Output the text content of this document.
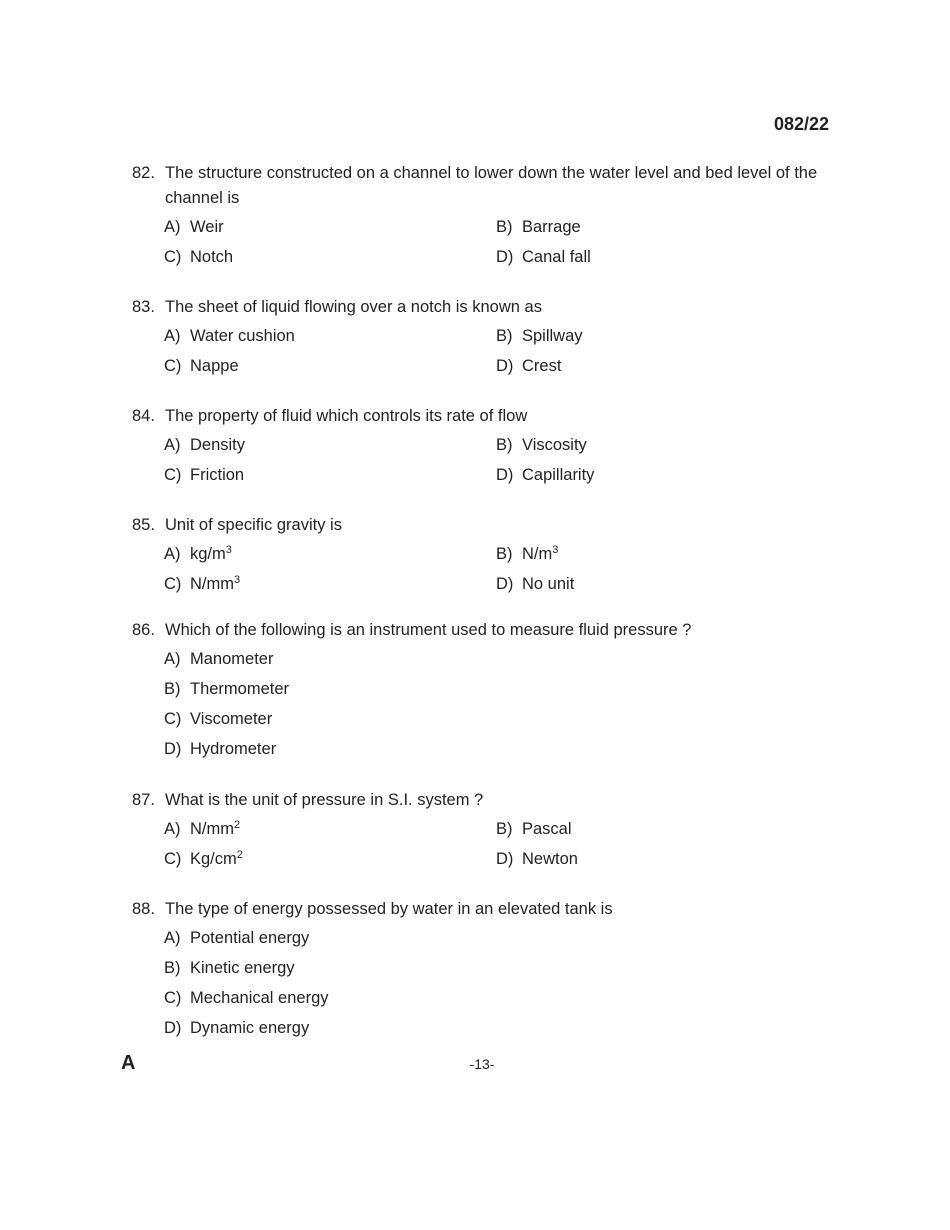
082/22
82. The structure constructed on a channel to lower down the water level and bed level of the channel is
A) Weir	B) Barrage
C) Notch	D) Canal fall
83. The sheet of liquid flowing over a notch is known as
A) Water cushion	B) Spillway
C) Nappe	D) Crest
84. The property of fluid which controls its rate of flow
A) Density	B) Viscosity
C) Friction	D) Capillarity
85. Unit of specific gravity is
A) $kg/m^3$	B) $N/m^3$
C) $N/mm^3$	D) No unit
86. Which of the following is an instrument used to measure fluid pressure ?
A) Manometer
B) Thermometer
C) Viscometer
D) Hydrometer
87. What is the unit of pressure in S.I. system ?
A) $N/mm^2$	B) Pascal
C) $Kg/cm^2$	D) Newton
88. The type of energy possessed by water in an elevated tank is
A) Potential energy
B) Kinetic energy
C) Mechanical energy
D) Dynamic energy
A	-13-
